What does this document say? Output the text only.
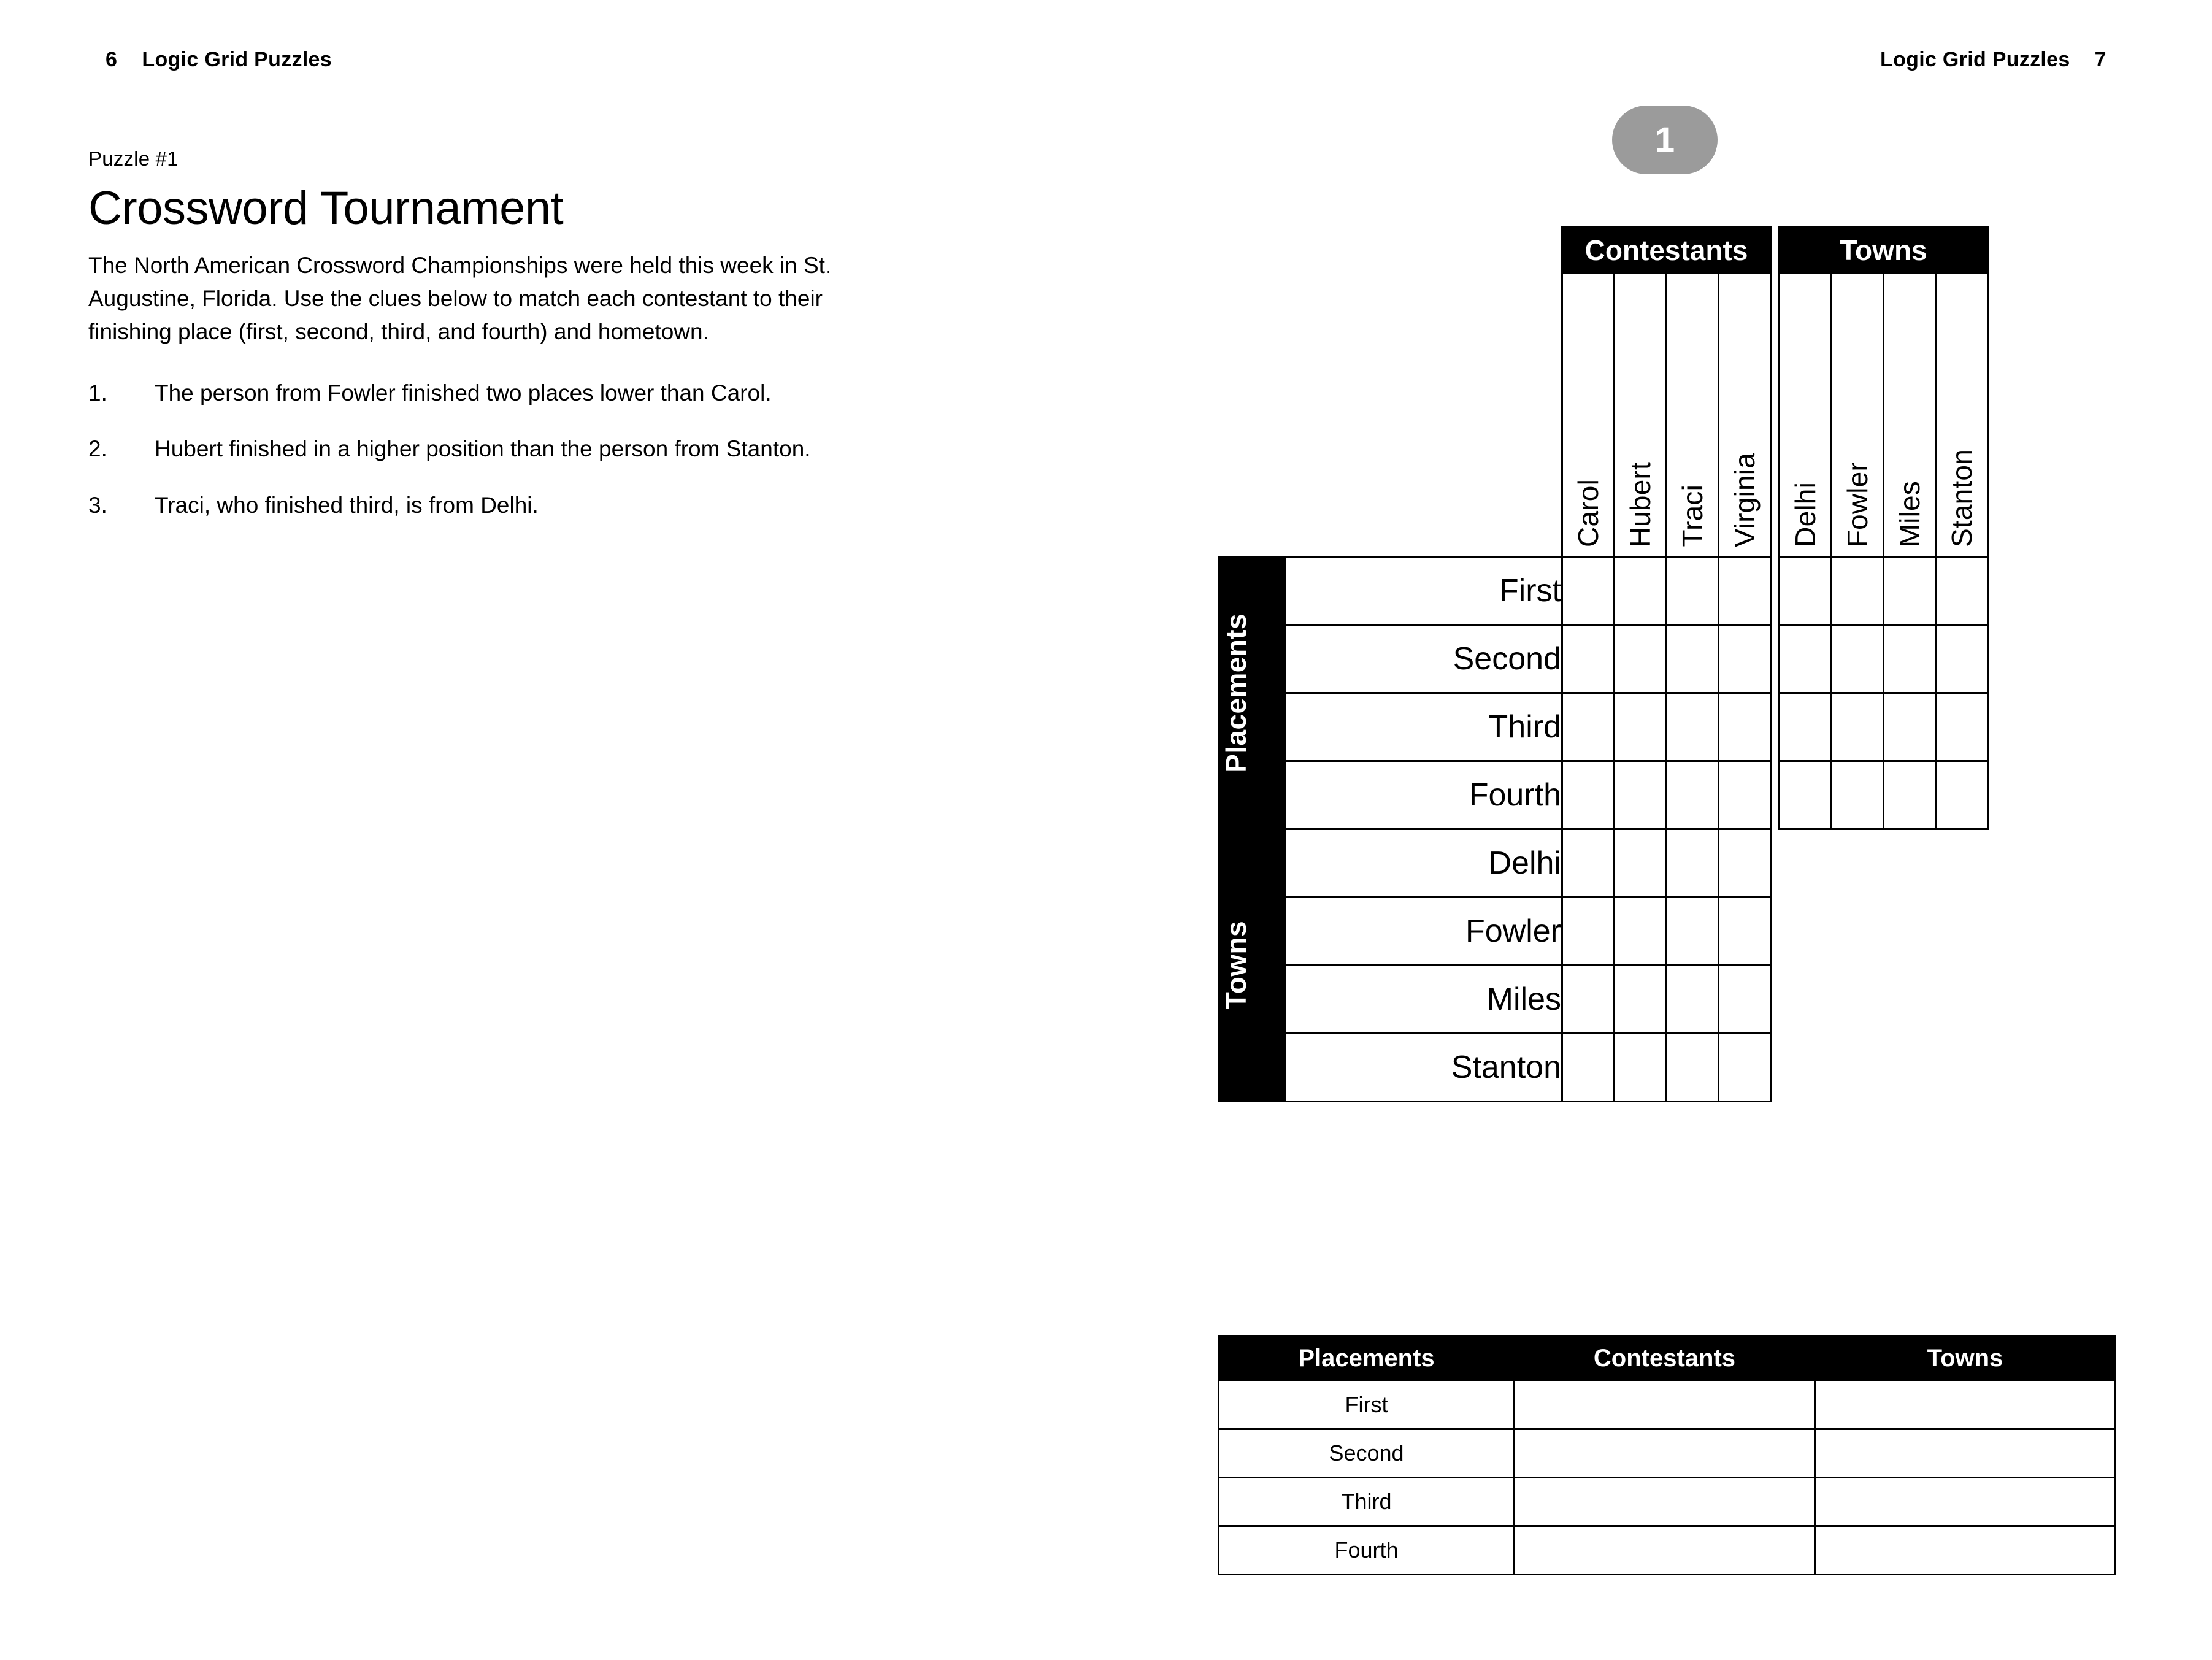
6 Logic Grid Puzzles	Logic Grid Puzzles 7
Puzzle #1
Crossword Tournament

The North American Crossword Championships were held this week in St. Augustine, Florida. Use the clues below to match each contestant to their finishing place (first, second, third, and fourth) and hometown.

1.	The person from Fowler finished two places lower than Carol.
2.	Hubert finished in a higher position than the person from Stanton.
3.	Traci, who finished third, is from Delhi.
1
		Contestants					Towns			

		Carol	Hubert	Traci	Virginia		Delhi	Fowler	Miles	Stanton

Placements	First									
	Second									
	Third									
	Fourth									

Towns	Delhi									
	Fowler									
	Miles									
	Stanton									
Placements	Contestants	Towns
First		
Second		
Third		
Fourth		
